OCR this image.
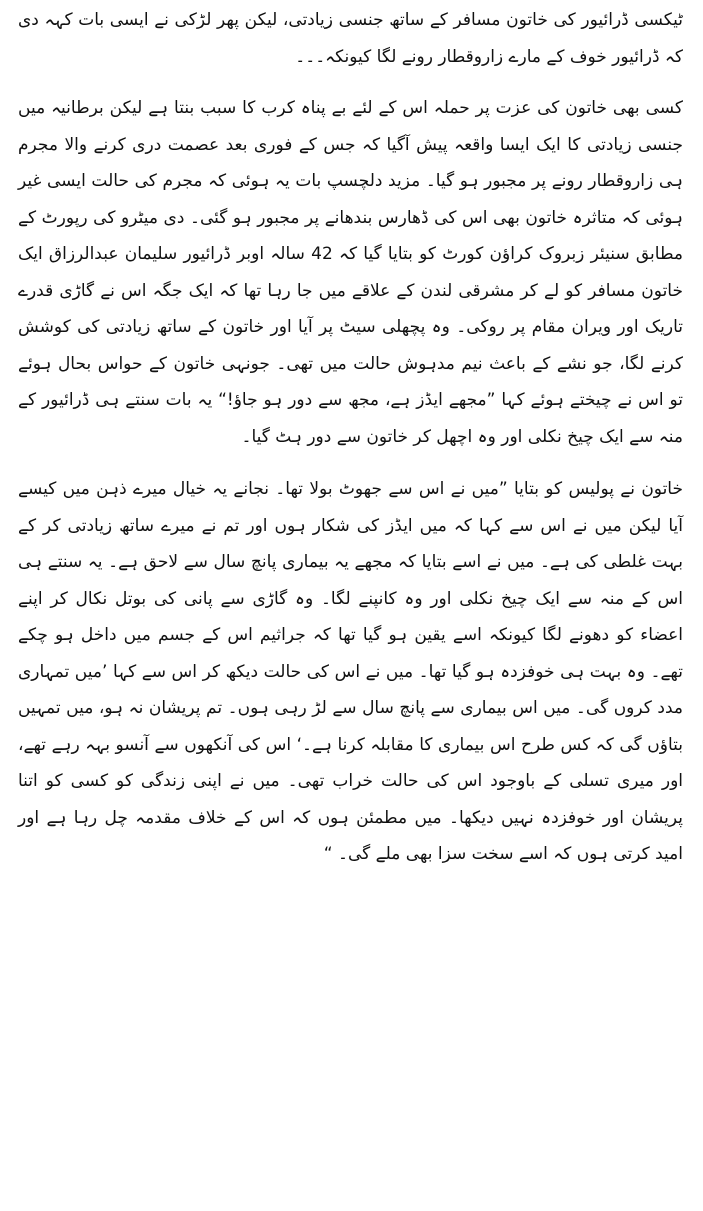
ٹیکسی ڈرائیور کی خاتون مسافر کے ساتھ جنسی زیادتی، لیکن پھر لڑکی نے ایسی بات کہہ دی کہ ڈرائیور خوف کے مارے زاروقطار رونے لگا کیونکہ۔۔۔

کسی بھی خاتون کی عزت پر حملہ اس کے لئے بے پناہ کرب کا سبب بنتا ہے لیکن برطانیہ میں جنسی زیادتی کا ایک ایسا واقعہ پیش آگیا کہ جس کے فوری بعد عصمت دری کرنے والا مجرم ہی زاروقطار رونے پر مجبور ہو گیا۔ مزید دلچسپ بات یہ ہوئی کہ مجرم کی حالت ایسی غیر ہوئی کہ متاثرہ خاتون بھی اس کی ڈھارس بندھانے پر مجبور ہو گئی۔ دی میٹرو کی رپورٹ کے مطابق سنیئر زبروک کراؤن کورٹ کو بتایا گیا کہ 42 سالہ اوبر ڈرائیور سلیمان عبدالرزاق ایک خاتون مسافر کو لے کر مشرقی لندن کے علاقے میں جا رہا تھا کہ ایک جگہ اس نے گاڑی قدرے تاریک اور ویران مقام پر روکی۔ وہ پچھلی سیٹ پر آیا اور خاتون کے ساتھ زیادتی کی کوشش کرنے لگا، جو نشے کے باعث نیم مدہوش حالت میں تھی۔ جونہی خاتون کے حواس بحال ہوئے تو اس نے چیختے ہوئے کہا ”مجھے ایڈز ہے، مجھ سے دور ہو جاؤ!“ یہ بات سنتے ہی ڈرائیور کے منہ سے ایک چیخ نکلی اور وہ اچھل کر خاتون سے دور ہٹ گیا۔

خاتون نے پولیس کو بتایا ”میں نے اس سے جھوٹ بولا تھا۔ نجانے یہ خیال میرے ذہن میں کیسے آیا لیکن میں نے اس سے کہا کہ میں ایڈز کی شکار ہوں اور تم نے میرے ساتھ زیادتی کر کے بہت غلطی کی ہے۔ میں نے اسے بتایا کہ مجھے یہ بیماری پانچ سال سے لاحق ہے۔ یہ سنتے ہی اس کے منہ سے ایک چیخ نکلی اور وہ کانپنے لگا۔ وہ گاڑی سے پانی کی بوتل نکال کر اپنے اعضاء کو دھونے لگا کیونکہ اسے یقین ہو گیا تھا کہ جراثیم اس کے جسم میں داخل ہو چکے تھے۔ وہ بہت ہی خوفزدہ ہو گیا تھا۔ میں نے اس کی حالت دیکھ کر اس سے کہا ’میں تمہاری مدد کروں گی۔ میں اس بیماری سے پانچ سال سے لڑ رہی ہوں۔ تم پریشان نہ ہو، میں تمہیں بتاؤں گی کہ کس طرح اس بیماری کا مقابلہ کرنا ہے۔‘ اس کی آنکھوں سے آنسو بہہ رہے تھے، اور میری تسلی کے باوجود اس کی حالت خراب تھی۔ میں نے اپنی زندگی کو کسی کو اتنا پریشان اور خوفزدہ نہیں دیکھا۔ میں مطمئن ہوں کہ اس کے خلاف مقدمہ چل رہا ہے اور امید کرتی ہوں کہ اسے سخت سزا بھی ملے گی۔ “
